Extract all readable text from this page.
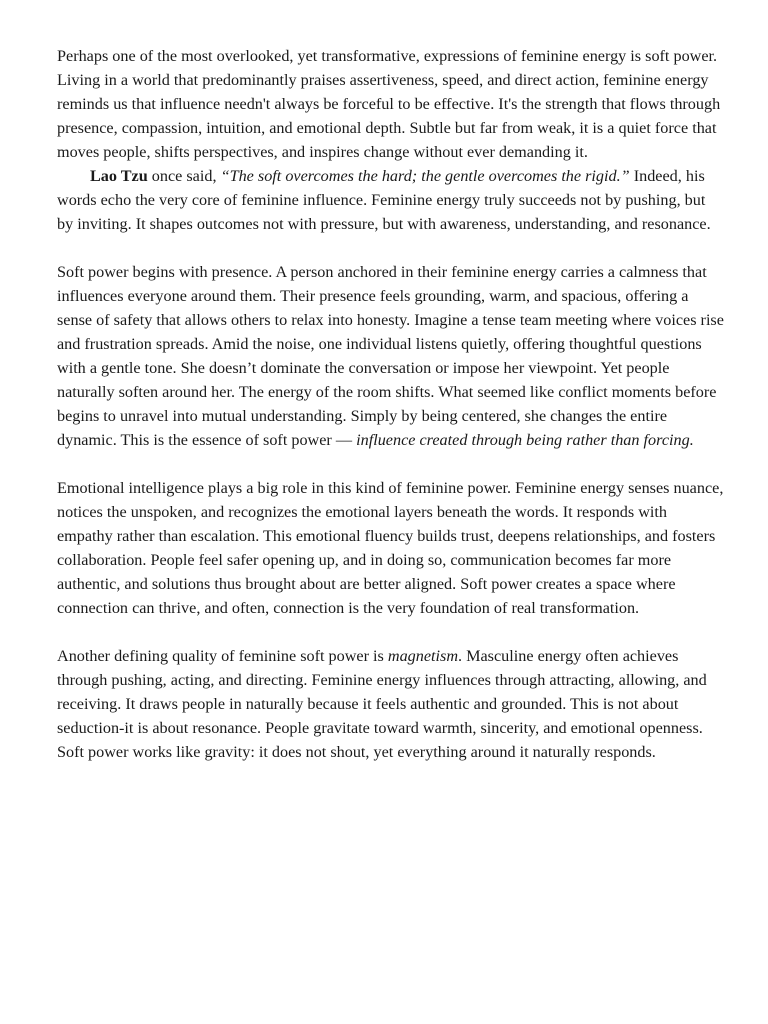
Perhaps one of the most overlooked, yet transformative, expressions of feminine energy is soft power. Living in a world that predominantly praises assertiveness, speed, and direct action, feminine energy reminds us that influence needn't always be forceful to be effective. It's the strength that flows through presence, compassion, intuition, and emotional depth. Subtle but far from weak, it is a quiet force that moves people, shifts perspectives, and inspires change without ever demanding it.

Lao Tzu once said, “The soft overcomes the hard; the gentle overcomes the rigid.” Indeed, his words echo the very core of feminine influence. Feminine energy truly succeeds not by pushing, but by inviting. It shapes outcomes not with pressure, but with awareness, understanding, and resonance.

Soft power begins with presence. A person anchored in their feminine energy carries a calmness that influences everyone around them. Their presence feels grounding, warm, and spacious, offering a sense of safety that allows others to relax into honesty. Imagine a tense team meeting where voices rise and frustration spreads. Amid the noise, one individual listens quietly, offering thoughtful questions with a gentle tone. She doesn’t dominate the conversation or impose her viewpoint. Yet people naturally soften around her. The energy of the room shifts. What seemed like conflict moments before begins to unravel into mutual understanding. Simply by being centered, she changes the entire dynamic. This is the essence of soft power — influence created through being rather than forcing.

Emotional intelligence plays a big role in this kind of feminine power. Feminine energy senses nuance, notices the unspoken, and recognizes the emotional layers beneath the words. It responds with empathy rather than escalation. This emotional fluency builds trust, deepens relationships, and fosters collaboration. People feel safer opening up, and in doing so, communication becomes far more authentic, and solutions thus brought about are better aligned. Soft power creates a space where connection can thrive, and often, connection is the very foundation of real transformation.

Another defining quality of feminine soft power is magnetism. Masculine energy often achieves through pushing, acting, and directing. Feminine energy influences through attracting, allowing, and receiving. It draws people in naturally because it feels authentic and grounded. This is not about seduction-it is about resonance. People gravitate toward warmth, sincerity, and emotional openness. Soft power works like gravity: it does not shout, yet everything around it naturally responds.
